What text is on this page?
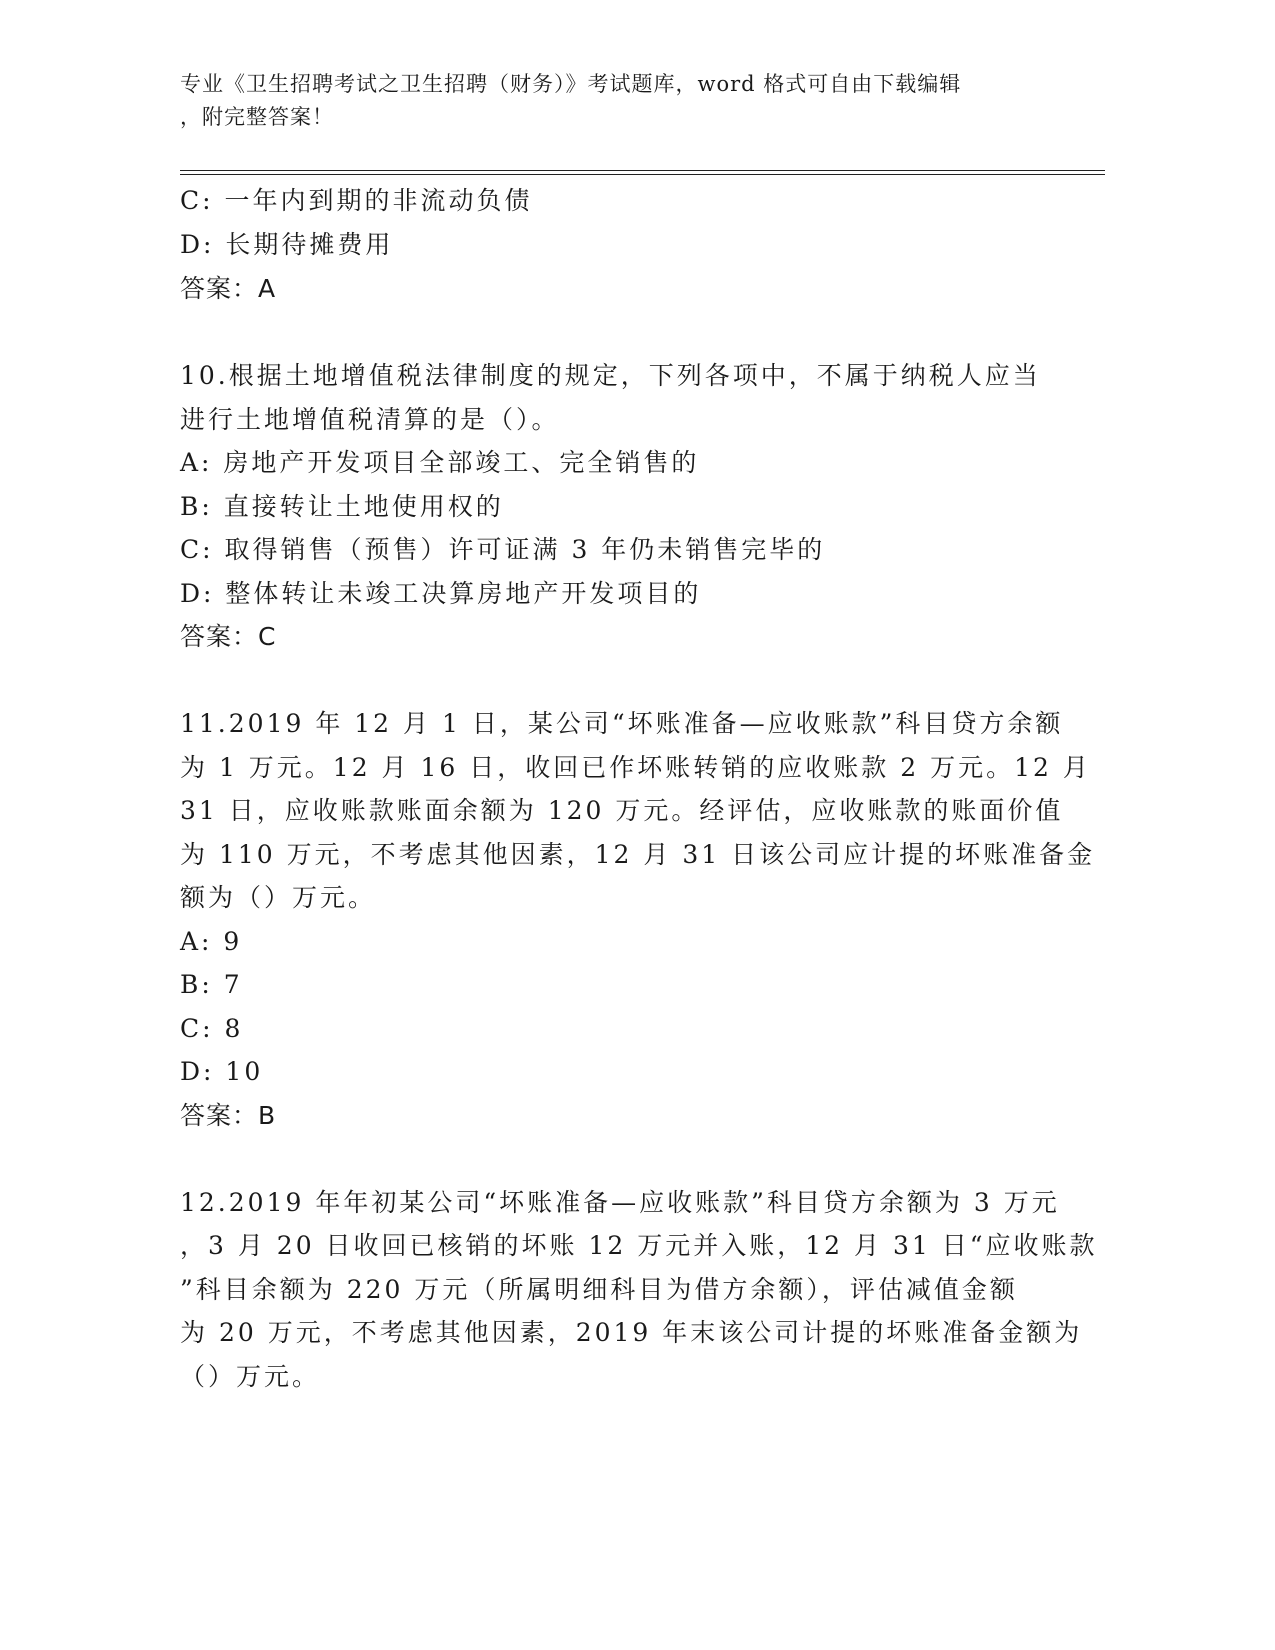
专业《卫生招聘考试之卫生招聘（财务）》考试题库，word 格式可自由下载编辑
，附完整答案！
C: 一年内到期的非流动负债
D: 长期待摊费用
答案：A
10.根据土地增值税法律制度的规定，下列各项中，不属于纳税人应当
进行土地增值税清算的是（）。
A: 房地产开发项目全部竣工、完全销售的
B: 直接转让土地使用权的
C: 取得销售（预售）许可证满 3 年仍未销售完毕的
D: 整体转让未竣工决算房地产开发项目的
答案：C
11.2019 年 12 月 1 日，某公司“坏账准备—应收账款”科目贷方余额
为 1 万元。12 月 16 日，收回已作坏账转销的应收账款 2 万元。12 月
31 日，应收账款账面余额为 120 万元。经评估，应收账款的账面价值
为 110 万元，不考虑其他因素，12 月 31 日该公司应计提的坏账准备金
额为（）万元。
A: 9
B: 7
C: 8
D: 10
答案：B
12.2019 年年初某公司“坏账准备—应收账款”科目贷方余额为 3 万元
，3 月 20 日收回已核销的坏账 12 万元并入账，12 月 31 日“应收账款
”科目余额为 220 万元（所属明细科目为借方余额），评估减值金额
为 20 万元，不考虑其他因素，2019 年末该公司计提的坏账准备金额为
（）万元。
